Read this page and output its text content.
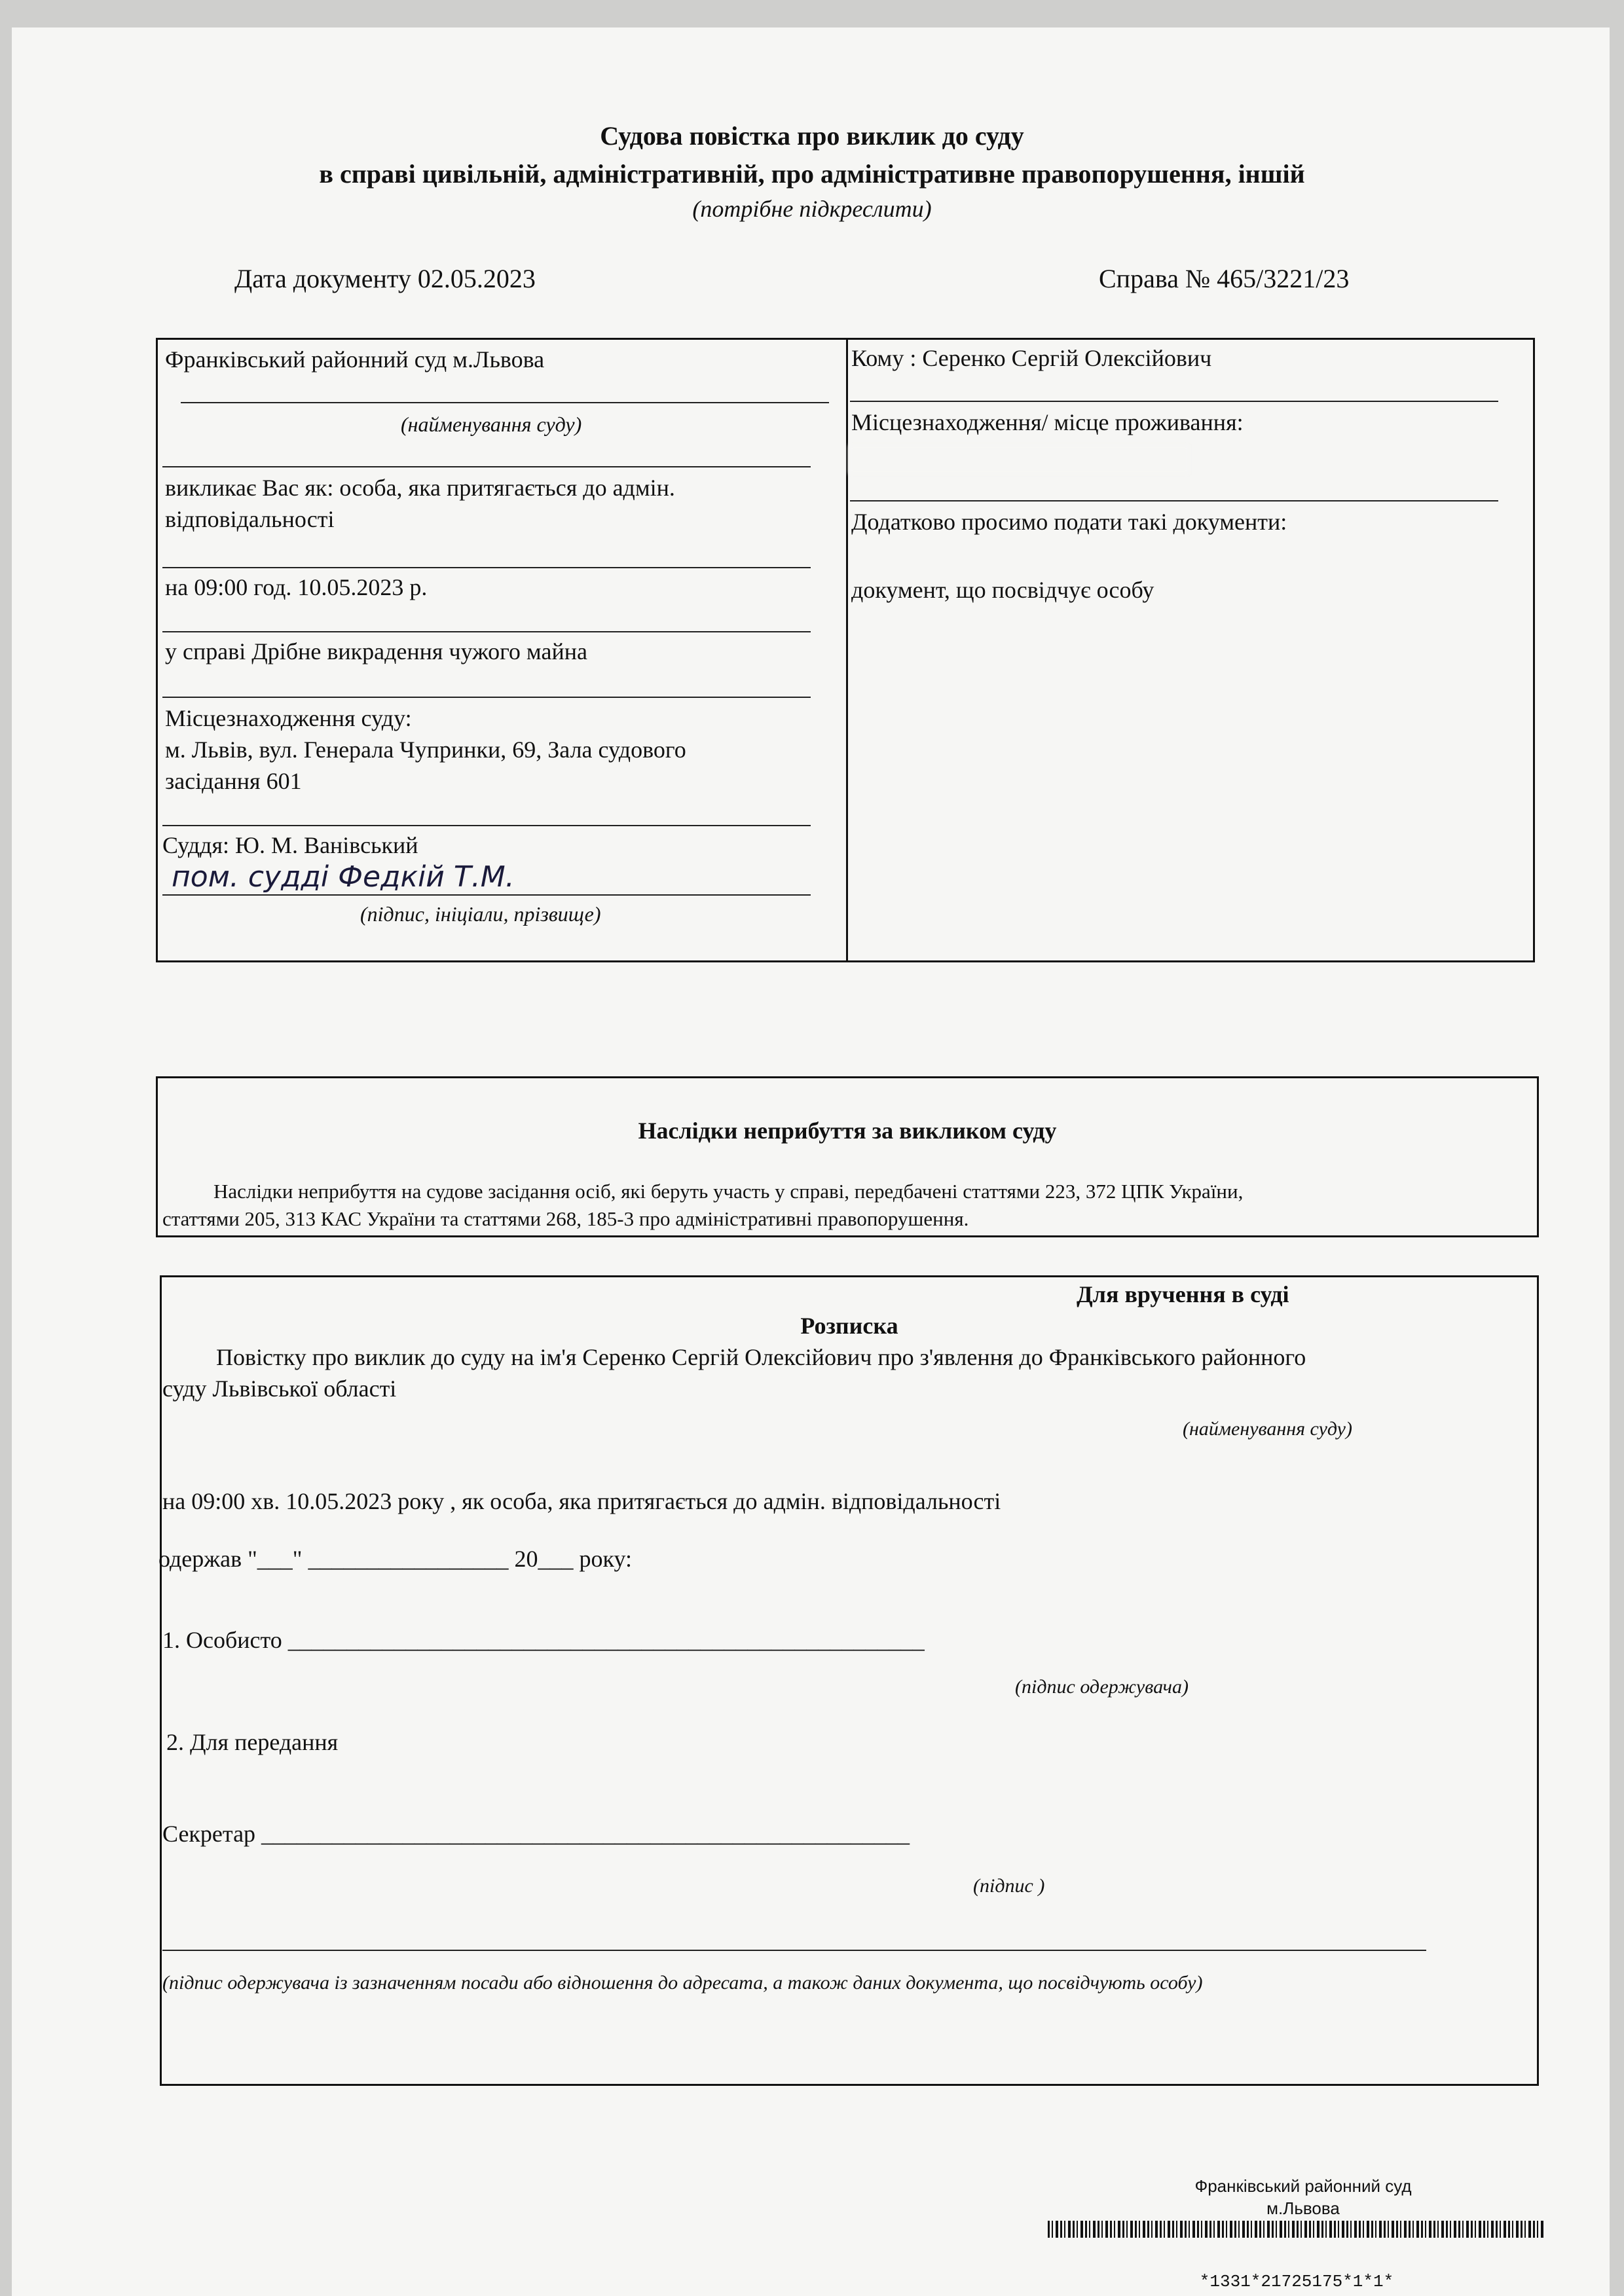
Судова повістка про виклик до суду
в справі цивільній, адміністративній, про адміністративне правопорушення, іншій
(потрібне підкреслити)
Дата документу 02.05.2023	Справа № 465/3221/23
Франківський районний суд м.Львова
(найменування суду)
викликає Вас як: особа, яка притягається до адмін.
відповідальності
на 09:00 год. 10.05.2023 р.
у справі Дрібне викрадення чужого майна
Місцезнаходження суду:
м. Львів, вул. Генерала Чупринки, 69, Зала судового
засідання 601
Суддя: Ю. М. Ванівський
пом. судді Федкій Т.М.
(підпис, ініціали, прізвище)
Кому : Серенко Сергій Олексійович
Місцезнаходження/ місце проживання:
Додатково просимо подати такі документи:
документ, що посвідчує особу
Наслідки неприбуття за викликом суду
Наслідки неприбуття на судове засідання осіб, які беруть участь у справі, передбачені статтями 223, 372 ЦПК України,
статтями 205, 313 КАС України та статтями 268, 185-3 про адміністративні правопорушення.
Для вручення в суді
Розписка
Повістку про виклик до суду на ім'я Серенко Сергій Олексійович про з'явлення до Франківського районного
суду Львівської області
(найменування суду)
на 09:00 хв. 10.05.2023 року , як особа, яка притягається до адмін. відповідальності
одержав "___" _________________ 20___ року:
1. Особисто ______________________________________________________
(підпис одержувача)
2. Для передання
Секретар _______________________________________________________
(підпис )
(підпис одержувача із зазначенням посади або відношення до адресата, а також даних документа, що посвідчують особу)
Франківський районний суд
м.Львова
*1331*21725175*1*1*
